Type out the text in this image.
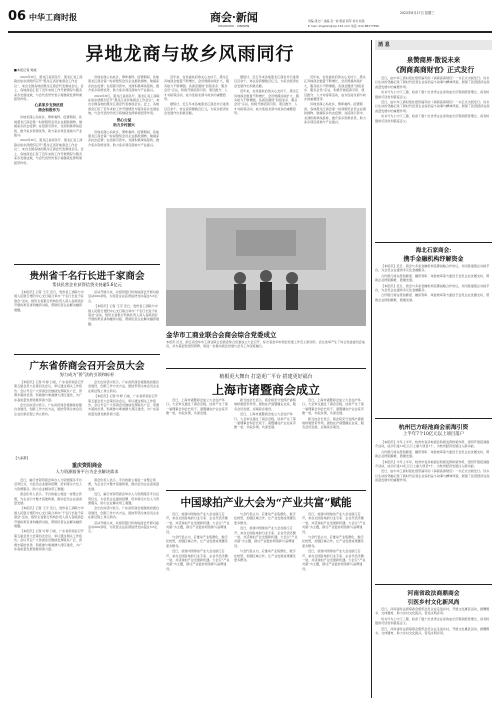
06 中华工商时报	商会·新闻
SHANGHUI · XINWEN
2022年8月17日 星期三
责编 胡文广 美编 袁一彬 组版 杨军 校对 杨笛
E-mail: zhgshzx@vip.163.com 电话: 010-88377898
异地龙商与故乡风雨同行
■本报记者 刘斌

2022年8月，黑龙江省商务厅、黑龙江省工商联在哈尔滨组织召开“黑龙江省异地商会工作会议”，来自全国各地的黑龙江商会代表参加会议。会上，各地商会汇报了近年来的工作开展情况与服务家乡发展成效，与会代表纷纷表示将继续发挥桥梁纽带作用。

心系家乡支持抗疫
商会积极作为

异地龙商心系故乡，情牵桑梓。疫情期间，各地黑龙江商会第一时间组织会员企业捐款捐物，驰援家乡抗击疫情；在招商引资中，龙商积极牵线搭桥，推介家乡资源优势，助力家乡项目落地与产业振兴。

2022年8月，黑龙江省商务厅、黑龙江省工商联在哈尔滨组织召开“黑龙江省异地商会工作会议”，来自全国各地的黑龙江商会代表参加会议。会上，各地商会汇报了近年来的工作开展情况与服务家乡发展成效，与会代表纷纷表示将继续发挥桥梁纽带作用。

异地龙商心系故乡，情牵桑梓。疫情期间，各地黑龙江商会第一时间组织会员企业捐款捐物，驰援家乡抗击疫情；在招商引资中，龙商积极牵线搭桥，推介家乡资源优势，助力家乡项目落地与产业振兴。

2022年8月，黑龙江省商务厅、黑龙江省工商联在哈尔滨组织召开“黑龙江省异地商会工作会议”，来自全国各地的黑龙江商会代表参加会议。会上，各地商会汇报了近年来的工作开展情况与服务家乡发展成效，与会代表纷纷表示将继续发挥桥梁纽带作用。

热心公益
助力乡村振兴

异地龙商心系故乡，情牵桑梓。疫情期间，各地黑龙江商会第一时间组织会员企业捐款捐物，驰援家乡抗击疫情；在招商引资中，龙商积极牵线搭桥，推介家乡资源优势，助力家乡项目落地与产业振兴。

近年来，在党委政府的关心支持下，黑龙江异地商会数量不断增长，会员规模持续扩大，服务能力不断增强。各商会围绕“回报家乡、服务会员”宗旨，积极开展招商引资、项目推介、人才对接等活动，成为连接龙商与故乡的重要纽带。

据统计，近五年来各地黑龙江商会共引进项目百余个，协议投资额数百亿元，为家乡经济社会发展作出积极贡献。

据统计，近五年来各地黑龙江商会共引进项目百余个，协议投资额数百亿元，为家乡经济社会发展作出积极贡献。

近年来，在党委政府的关心支持下，黑龙江异地商会数量不断增长，会员规模持续扩大，服务能力不断增强。各商会围绕“回报家乡、服务会员”宗旨，积极开展招商引资、项目推介、人才对接等活动，成为连接龙商与故乡的重要纽带。

近年来，在党委政府的关心支持下，黑龙江异地商会数量不断增长，会员规模持续扩大，服务能力不断增强。各商会围绕“回报家乡、服务会员”宗旨，积极开展招商引资、项目推介、人才对接等活动，成为连接龙商与故乡的重要纽带。

异地龙商心系故乡，情牵桑梓。疫情期间，各地黑龙江商会第一时间组织会员企业捐款捐物，驰援家乡抗击疫情；在招商引资中，龙商积极牵线搭桥，推介家乡资源优势，助力家乡项目落地与产业振兴。

金华市工商业联合会商会综合党委成立
本报讯 近日，浙江省金华市工商业联合会商会综合党委成立大会召开，标志着金华市商会党建工作迈上新台阶。会议选举产生了综合党委委员会成员，并为基层党组织授牌，将进一步推动商会党建与会务工作深度融合。
贵州省千名行长进千家商会
帮扶民营企业获得信贷支持逾5.6亿元

【本报讯】记者 王宇 近日，贵州省工商联与中国人民银行贵阳中心支行联合举办“千名行长进千家商会”活动，组织全省银行机构负责人深入各级商会开展政策宣讲和融资对接，帮助民营企业解决融资难题。

活动开展以来，共组织银行机构进商会开展对接活动200余场，为民营企业获得信贷支持超过5.6亿元。

【本报讯】记者 王宇 近日，贵州省工商联与中国人民银行贵阳中心支行联合举办“千名行长进千家商会”活动，组织全省银行机构负责人深入各级商会开展政策宣讲和融资对接，帮助民营企业解决融资难题。

广东省侨商会召开会员大会
努力成为“侨”法的引领和标杆

【本报讯】记者 叶婷 日前，广东省侨商会召开第五届会员大会第四次会议，审议通过相关工作报告。会议号召广大侨商会员继续发挥联系广泛、资源丰富的优势，积极参与粤港澳大湾区建设，为广东高质量发展贡献侨商力量。

会长在讲话中表示，广东省侨商会将继续加强自身建设，创新工作方式方法，团结带领全体会员企业在新征程上再立新功。

会长在讲话中表示，广东省侨商会将继续加强自身建设，创新工作方式方法，团结带领全体会员企业在新征程上再立新功。

【本报讯】记者 叶婷 日前，广东省侨商会召开第五届会员大会第四次会议，审议通过相关工作报告。会议号召广大侨商会员继续发挥联系广泛、资源丰富的优势，积极参与粤港澳大湾区建设，为广东高质量发展贡献侨商力量。

【大家都】
重庆资阳商会
人力资源服务平台为企业解决需求

近日，重庆市资阳商会举办人力资源服务平台启用仪式，为会员企业提供招聘、培训等全方位人力资源服务，助力企业解决用工难题。

商会负责人表示，平台的建立将进一步整合资源，为企业引才聚才搭建桥梁，推动会员企业高质量发展。

【本报讯】记者 王宇 近日，贵州省工商联与中国人民银行贵阳中心支行联合举办“千名行长进千家商会”活动，组织全省银行机构负责人深入各级商会开展政策宣讲和融资对接，帮助民营企业解决融资难题。

【本报讯】记者 叶婷 日前，广东省侨商会召开第五届会员大会第四次会议，审议通过相关工作报告。会议号召广大侨商会员继续发挥联系广泛、资源丰富的优势，积极参与粤港澳大湾区建设，为广东高质量发展贡献侨商力量。

商会负责人表示，平台的建立将进一步整合资源，为企业引才聚才搭建桥梁，推动会员企业高质量发展。

近日，重庆市资阳商会举办人力资源服务平台启用仪式，为会员企业提供招聘、培训等全方位人力资源服务，助力企业解决用工难题。

会长在讲话中表示，广东省侨商会将继续加强自身建设，创新工作方式方法，团结带领全体会员企业在新征程上再立新功。

活动开展以来，共组织银行机构进商会开展对接活动200余场，为民营企业获得信贷支持超过5.6亿元。

植根更大舞台 打造更广平台 搭建更好福台
上海市诸暨商会成立

近日，上海市诸暨商会成立大会在沪举行。大会审议通过了商会章程，选举产生了第一届理事会和会长班子。诸暨籍在沪企业家齐聚一堂，共叙乡情，共谋发展。

新当选会长表示，商会将充分发挥沪诸两地桥梁纽带作用，团结在沪诸暨籍企业家，服务会员发展，反哺家乡建设。

近日，上海市诸暨商会成立大会在沪举行。大会审议通过了商会章程，选举产生了第一届理事会和会长班子。诸暨籍在沪企业家齐聚一堂，共叙乡情，共谋发展。

近日，上海市诸暨商会成立大会在沪举行。大会审议通过了商会章程，选举产生了第一届理事会和会长班子。诸暨籍在沪企业家齐聚一堂，共叙乡情，共谋发展。

新当选会长表示，商会将充分发挥沪诸两地桥梁纽带作用，团结在沪诸暨籍企业家，服务会员发展，反哺家乡建设。

中国球拍产业大会为“产业共富”赋能

近日，首届中国球拍产业大会在浙江召开，来自全国各地的行业专家、企业代表齐聚一堂，共话球拍产业发展新机遇。大会以“产业共富”为主题，探讨产业链协同创新与品牌建设。

与会代表认为，应推动产业集群化、数字化转型，加强区域合作，让产业发展成果惠及更多群众。

近日，首届中国球拍产业大会在浙江召开，来自全国各地的行业专家、企业代表齐聚一堂，共话球拍产业发展新机遇。大会以“产业共富”为主题，探讨产业链协同创新与品牌建设。

与会代表认为，应推动产业集群化、数字化转型，加强区域合作，让产业发展成果惠及更多群众。

近日，首届中国球拍产业大会在浙江召开，来自全国各地的行业专家、企业代表齐聚一堂，共话球拍产业发展新机遇。大会以“产业共富”为主题，探讨产业链协同创新与品牌建设。

与会代表认为，应推动产业集群化、数字化转型，加强区域合作，让产业发展成果惠及更多群众。

近日，首届中国球拍产业大会在浙江召开，来自全国各地的行业专家、企业代表齐聚一堂，共话球拍产业发展新机遇。大会以“产业共富”为主题，探讨产业链协同创新与品牌建设。

与会代表认为，应推动产业集群化、数字化转型，加强区域合作，让产业发展成果惠及更多群众。

近日，首届中国球拍产业大会在浙江召开，来自全国各地的行业专家、企业代表齐聚一堂，共话球拍产业发展新机遇。大会以“产业共富”为主题，探讨产业链协同创新与品牌建设。

消 息
泉赞商界·散说未来
《润商高商财官》正式发行

近日，由中华工商时报社组织编写的《润商高商财官》一书正式出版发行。该书以生动的笔触记录了新时代民营企业家的奋斗故事与精神风貌，展现了民营经济在高质量发展中的重要作用。

该书分为上中下三篇，收录了数十位优秀企业家的成长历程和经营理念，具有较强的可读性和借鉴意义。

近日，由中华工商时报社组织编写的《润商高商财官》一书正式出版发行。该书以生动的笔触记录了新时代民营企业家的奋斗故事与精神风貌，展现了民营经济在高质量发展中的重要作用。

该书分为上中下三篇，收录了数十位优秀企业家的成长历程和经营理念，具有较强的可读性和借鉴意义。

海北石家商会:
携手金融机构纾解资金

【本报讯】近日，商会与多家金融机构签署战略合作协议，共同搭建银企对接平台，为会员企业提供多元化金融服务。

合作银行将在授信额度、融资利率、审批效率等方面给予会员企业优惠支持，帮助企业纾困解难、稳健发展。

【本报讯】近日，商会与多家金融机构签署战略合作协议，共同搭建银企对接平台，为会员企业提供多元化金融服务。

合作银行将在授信额度、融资利率、审批效率等方面给予会员企业优惠支持，帮助企业纾困解难、稳健发展。

杭州巴方经池商会前海引资
上半年7个10亿元以上项目落户

【本报讯】今年上半年，杭州市各异地商会积极发挥桥梁作用，组织开展招商推介活动，成功引进10亿元以上重大项目7个，为杭州经济发展注入新动能。

合作银行将在授信额度、融资利率、审批效率等方面给予会员企业优惠支持，帮助企业纾困解难、稳健发展。

【本报讯】今年上半年，杭州市各异地商会积极发挥桥梁作用，组织开展招商推介活动，成功引进10亿元以上重大项目7个，为杭州经济发展注入新动能。

近日，由中华工商时报社组织编写的《润商高商财官》一书正式出版发行。该书以生动的笔触记录了新时代民营企业家的奋斗故事与精神风貌，展现了民营经济在高质量发展中的重要作用。

河南省政法商鼎商会
引医乡村文化新风尚

近日，河南省政法商鼎商会组织会员企业走进乡村，开展文化惠民活动，捐赠图书、文体器材，助力乡村文化振兴，营造文明乡风。

该书分为上中下三篇，收录了数十位优秀企业家的成长历程和经营理念，具有较强的可读性和借鉴意义。

近日，河南省政法商鼎商会组织会员企业走进乡村，开展文化惠民活动，捐赠图书、文体器材，助力乡村文化振兴，营造文明乡风。
